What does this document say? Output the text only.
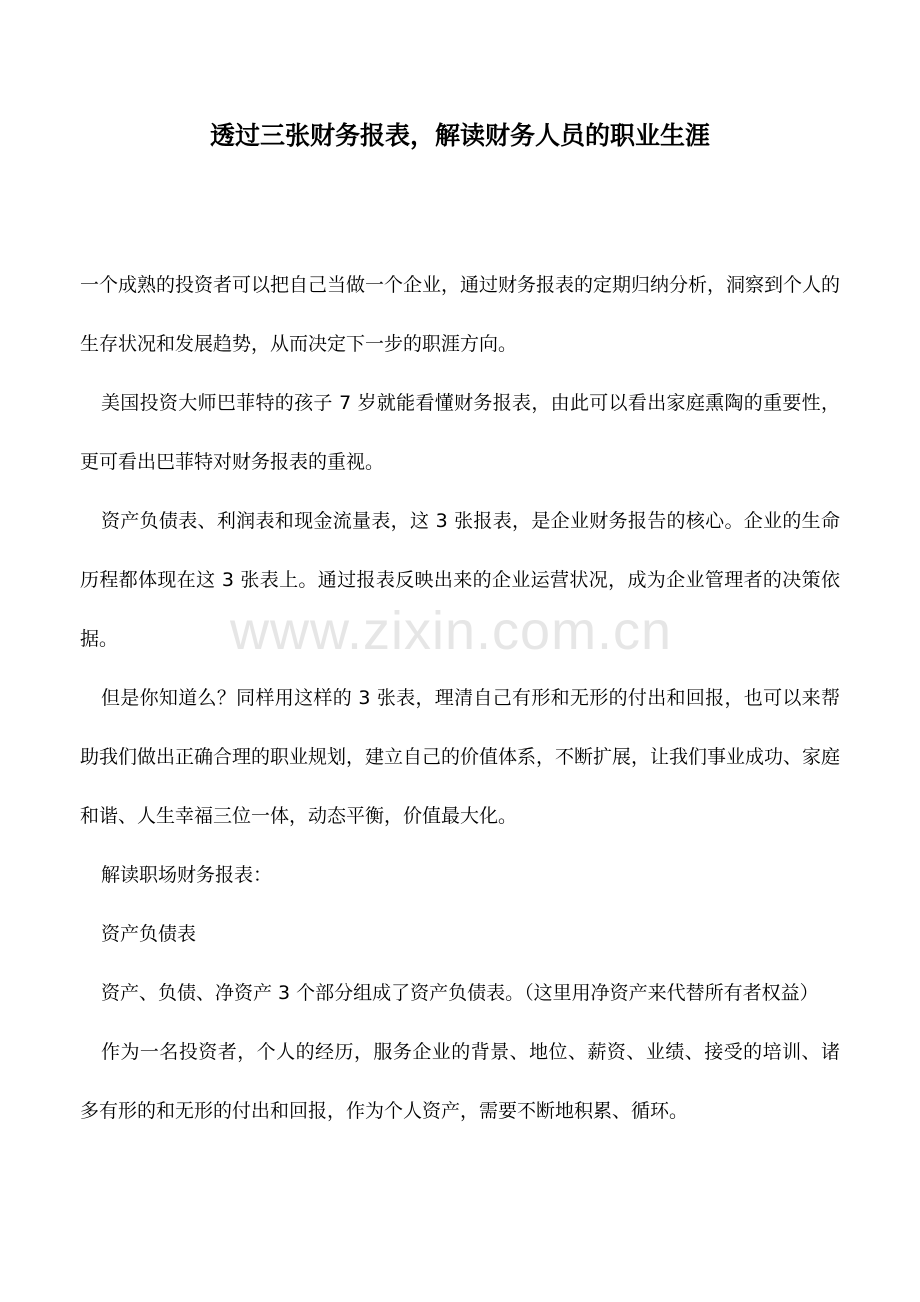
www.zixin.com.cn
透过三张财务报表，解读财务人员的职业生涯

一个成熟的投资者可以把自己当做一个企业，通过财务报表的定期归纳分析，洞察到个人的生存状况和发展趋势，从而决定下一步的职涯方向。

美国投资大师巴菲特的孩子 7 岁就能看懂财务报表，由此可以看出家庭熏陶的重要性，更可看出巴菲特对财务报表的重视。

资产负债表、利润表和现金流量表，这 3 张报表，是企业财务报告的核心。企业的生命历程都体现在这 3 张表上。通过报表反映出来的企业运营状况，成为企业管理者的决策依据。

但是你知道么？同样用这样的 3 张表，理清自己有形和无形的付出和回报，也可以来帮助我们做出正确合理的职业规划，建立自己的价值体系，不断扩展，让我们事业成功、家庭和谐、人生幸福三位一体，动态平衡，价值最大化。

解读职场财务报表：

资产负债表

资产、负债、净资产 3 个部分组成了资产负债表。（这里用净资产来代替所有者权益）

作为一名投资者，个人的经历，服务企业的背景、地位、薪资、业绩、接受的培训、诸多有形的和无形的付出和回报，作为个人资产，需要不断地积累、循环。
